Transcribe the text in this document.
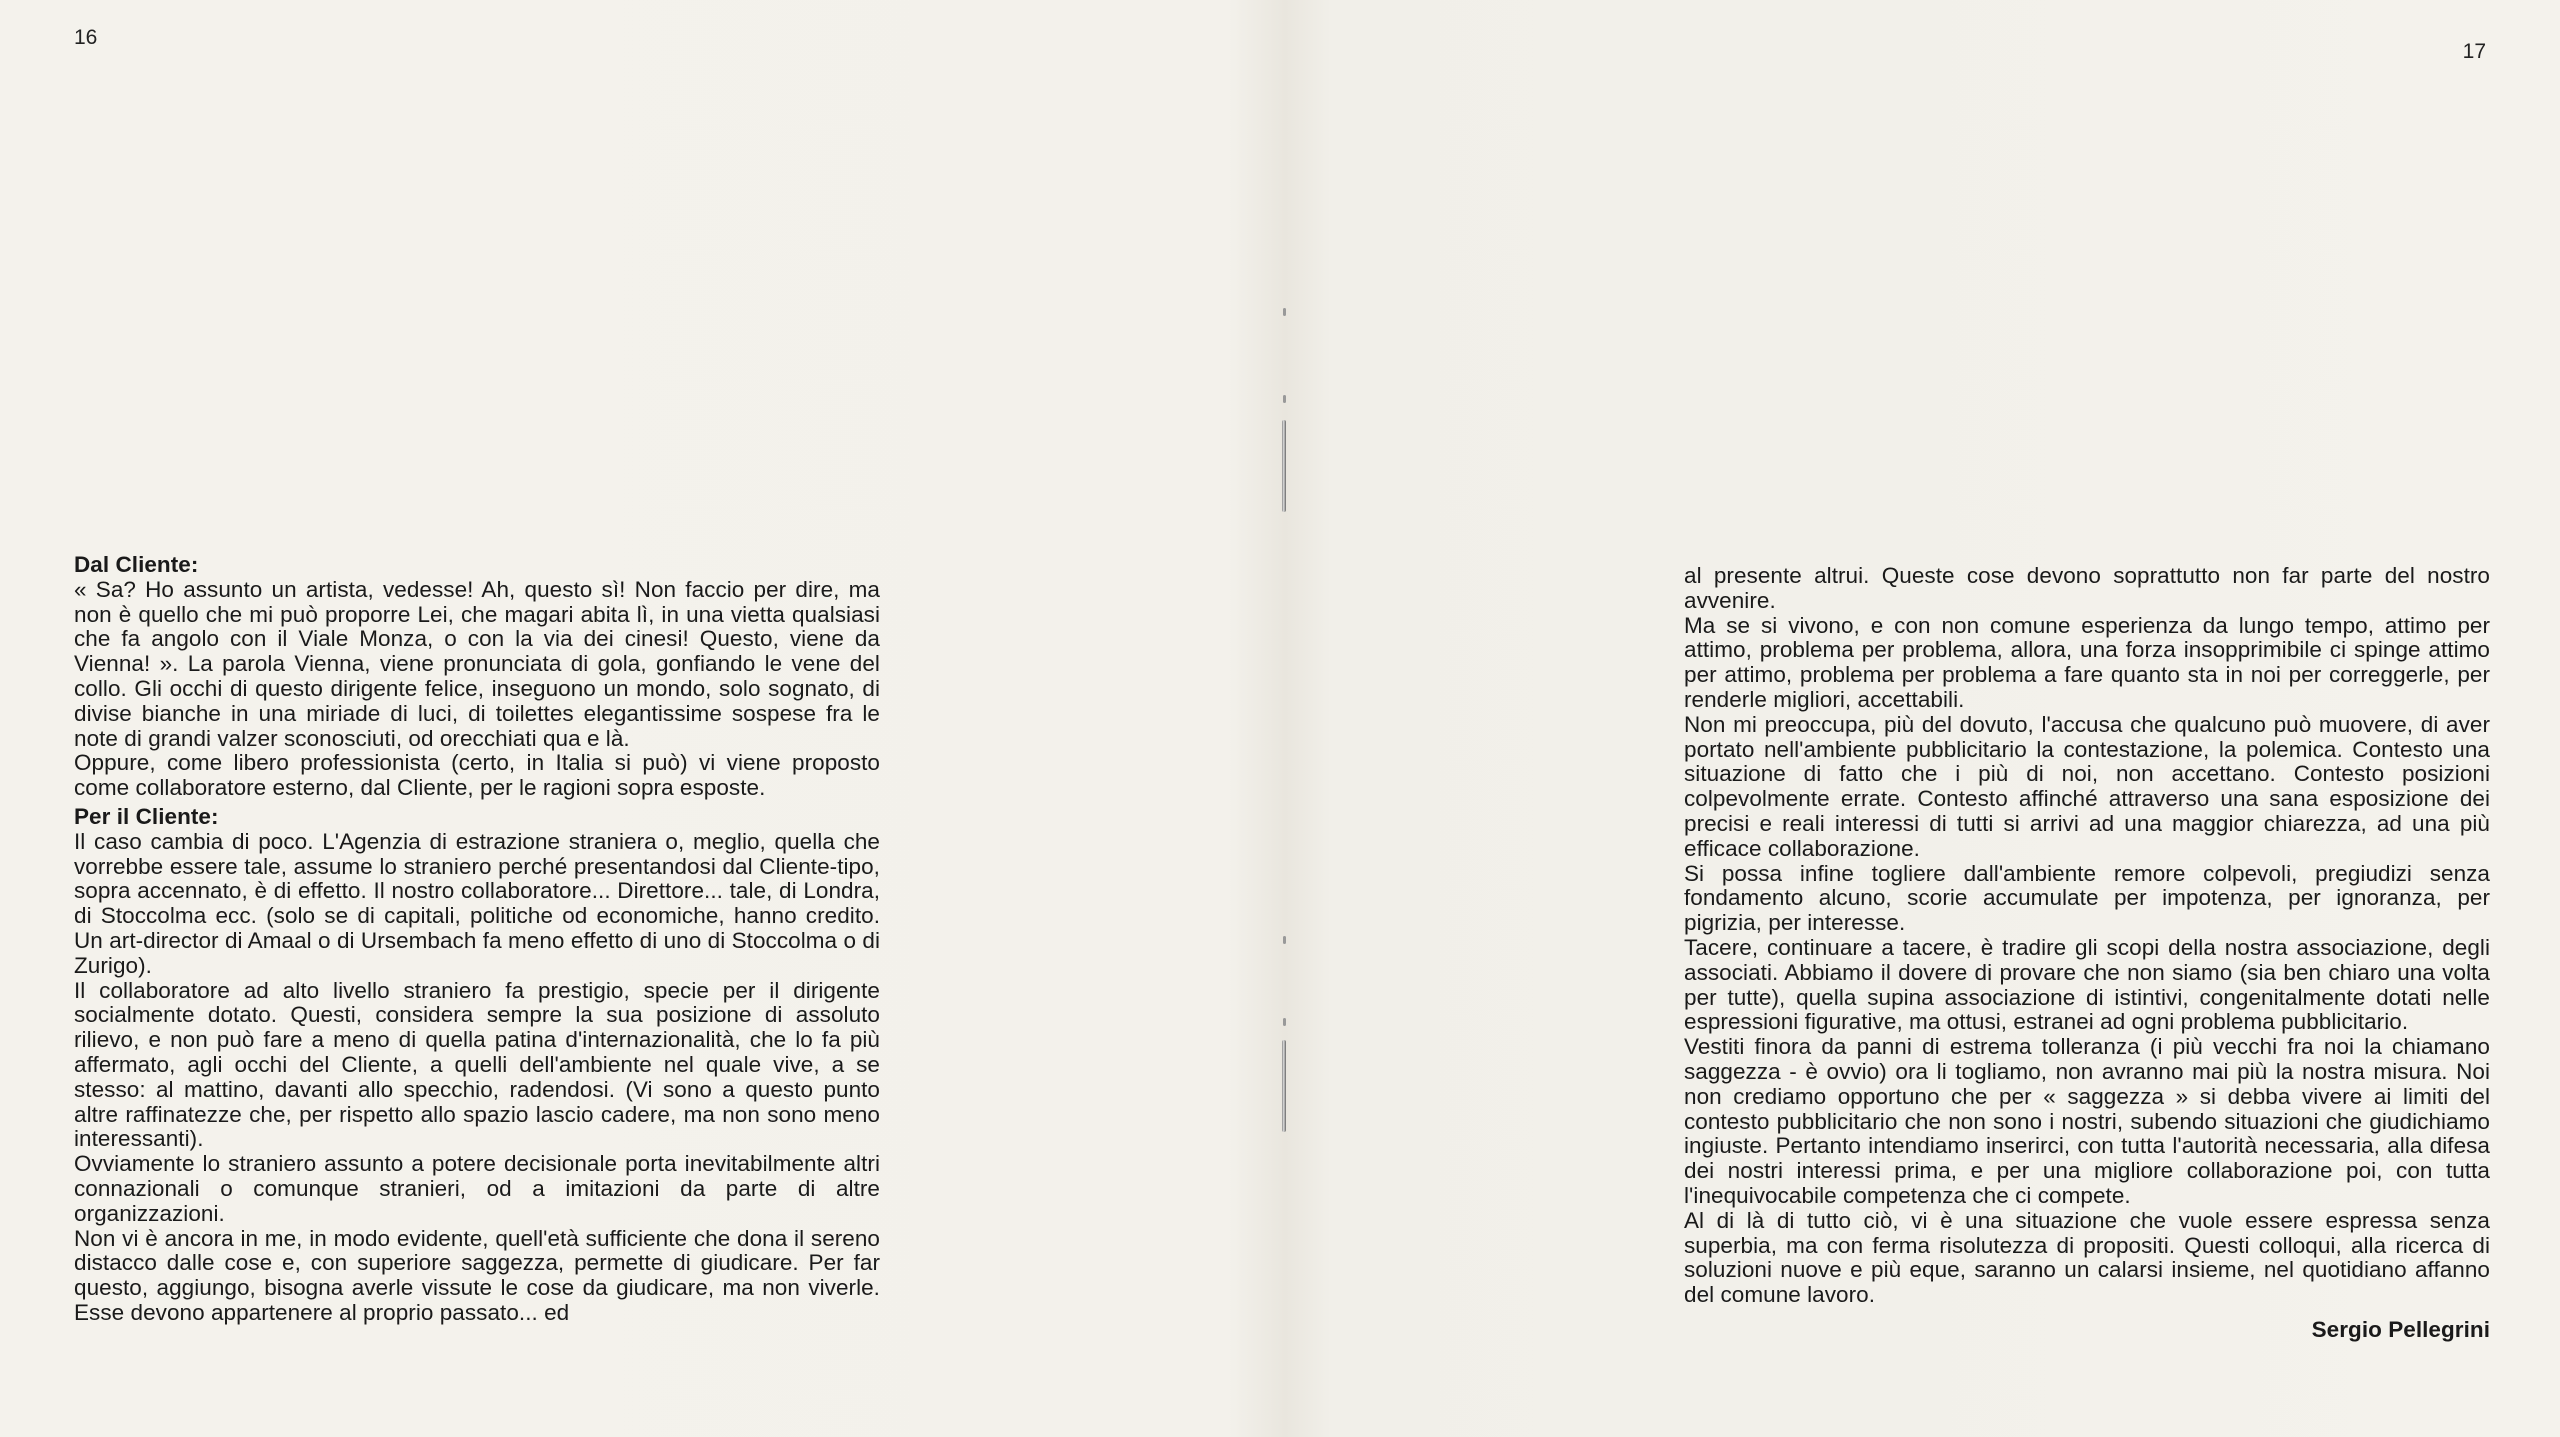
16
Dal Cliente:

« Sa? Ho assunto un artista, vedesse! Ah, questo sì! Non faccio per dire, ma non è quello che mi può proporre Lei, che magari abita lì, in una vietta qualsiasi che fa angolo con il Viale Monza, o con la via dei cinesi! Questo, viene da Vienna! ». La parola Vienna, viene pronunciata di gola, gonfiando le vene del collo. Gli occhi di questo dirigente felice, inseguono un mondo, solo sognato, di divise bianche in una miriade di luci, di toilettes elegantissime sospese fra le note di grandi valzer sconosciuti, od orecchiati qua e là.

Oppure, come libero professionista (certo, in Italia si può) vi viene proposto come collaboratore esterno, dal Cliente, per le ragioni sopra esposte.

Per il Cliente:

Il caso cambia di poco. L'Agenzia di estrazione straniera o, meglio, quella che vorrebbe essere tale, assume lo straniero perché presentandosi dal Cliente-tipo, sopra accennato, è di effetto. Il nostro collaboratore... Direttore... tale, di Londra, di Stoccolma ecc. (solo se di capitali, politiche od economiche, hanno credito. Un art-director di Amaal o di Ursembach fa meno effetto di uno di Stoccolma o di Zurigo).

Il collaboratore ad alto livello straniero fa prestigio, specie per il dirigente socialmente dotato. Questi, considera sempre la sua posizione di assoluto rilievo, e non può fare a meno di quella patina d'internazionalità, che lo fa più affermato, agli occhi del Cliente, a quelli dell'ambiente nel quale vive, a se stesso: al mattino, davanti allo specchio, radendosi. (Vi sono a questo punto altre raffinatezze che, per rispetto allo spazio lascio cadere, ma non sono meno interessanti).

Ovviamente lo straniero assunto a potere decisionale porta inevitabilmente altri connazionali o comunque stranieri, od a imitazioni da parte di altre organizzazioni.

Non vi è ancora in me, in modo evidente, quell'età sufficiente che dona il sereno distacco dalle cose e, con superiore saggezza, permette di giudicare. Per far questo, aggiungo, bisogna averle vissute le cose da giudicare, ma non viverle. Esse devono appartenere al proprio passato... ed

17

al presente altrui. Queste cose devono soprattutto non far parte del nostro avvenire.

Ma se si vivono, e con non comune esperienza da lungo tempo, attimo per attimo, problema per problema, allora, una forza insopprimibile ci spinge attimo per attimo, problema per problema a fare quanto sta in noi per correggerle, per renderle migliori, accettabili.

Non mi preoccupa, più del dovuto, l'accusa che qualcuno può muovere, di aver portato nell'ambiente pubblicitario la contestazione, la polemica. Contesto una situazione di fatto che i più di noi, non accettano. Contesto posizioni colpevolmente errate. Contesto affinché attraverso una sana esposizione dei precisi e reali interessi di tutti si arrivi ad una maggior chiarezza, ad una più efficace collaborazione.

Si possa infine togliere dall'ambiente remore colpevoli, pregiudizi senza fondamento alcuno, scorie accumulate per impotenza, per ignoranza, per pigrizia, per interesse.

Tacere, continuare a tacere, è tradire gli scopi della nostra associazione, degli associati. Abbiamo il dovere di provare che non siamo (sia ben chiaro una volta per tutte), quella supina associazione di istintivi, congenitalmente dotati nelle espressioni figurative, ma ottusi, estranei ad ogni problema pubblicitario.

Vestiti finora da panni di estrema tolleranza (i più vecchi fra noi la chiamano saggezza - è ovvio) ora li togliamo, non avranno mai più la nostra misura. Noi non crediamo opportuno che per « saggezza » si debba vivere ai limiti del contesto pubblicitario che non sono i nostri, subendo situazioni che giudichiamo ingiuste. Pertanto intendiamo inserirci, con tutta l'autorità necessaria, alla difesa dei nostri interessi prima, e per una migliore collaborazione poi, con tutta l'inequivocabile competenza che ci compete.

Al di là di tutto ciò, vi è una situazione che vuole essere espressa senza superbia, ma con ferma risolutezza di propositi. Questi colloqui, alla ricerca di soluzioni nuove e più eque, saranno un calarsi insieme, nel quotidiano affanno del comune lavoro.

Sergio Pellegrini
